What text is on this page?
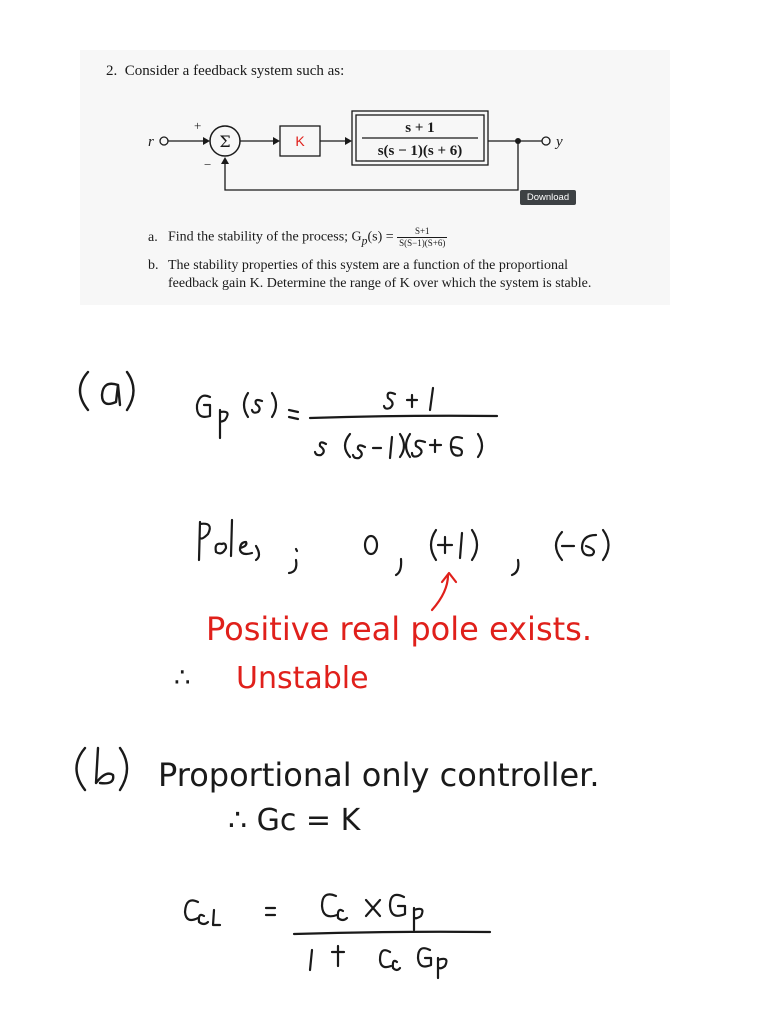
2. Consider a feedback system such as:
r
+
Σ
−
K
s + 1
s(s − 1)(s + 6)
y
Download
a. Find the stability of the process; $G_p(s) = \frac{S+1}{S(S-1)(S+6)}$
b. The stability properties of this system are a function of the proportional
feedback gain K. Determine the range of K over which the system is stable.
Positive real pole exists.
∴ Unstable
Proportional only controller.
∴ Gc = K
